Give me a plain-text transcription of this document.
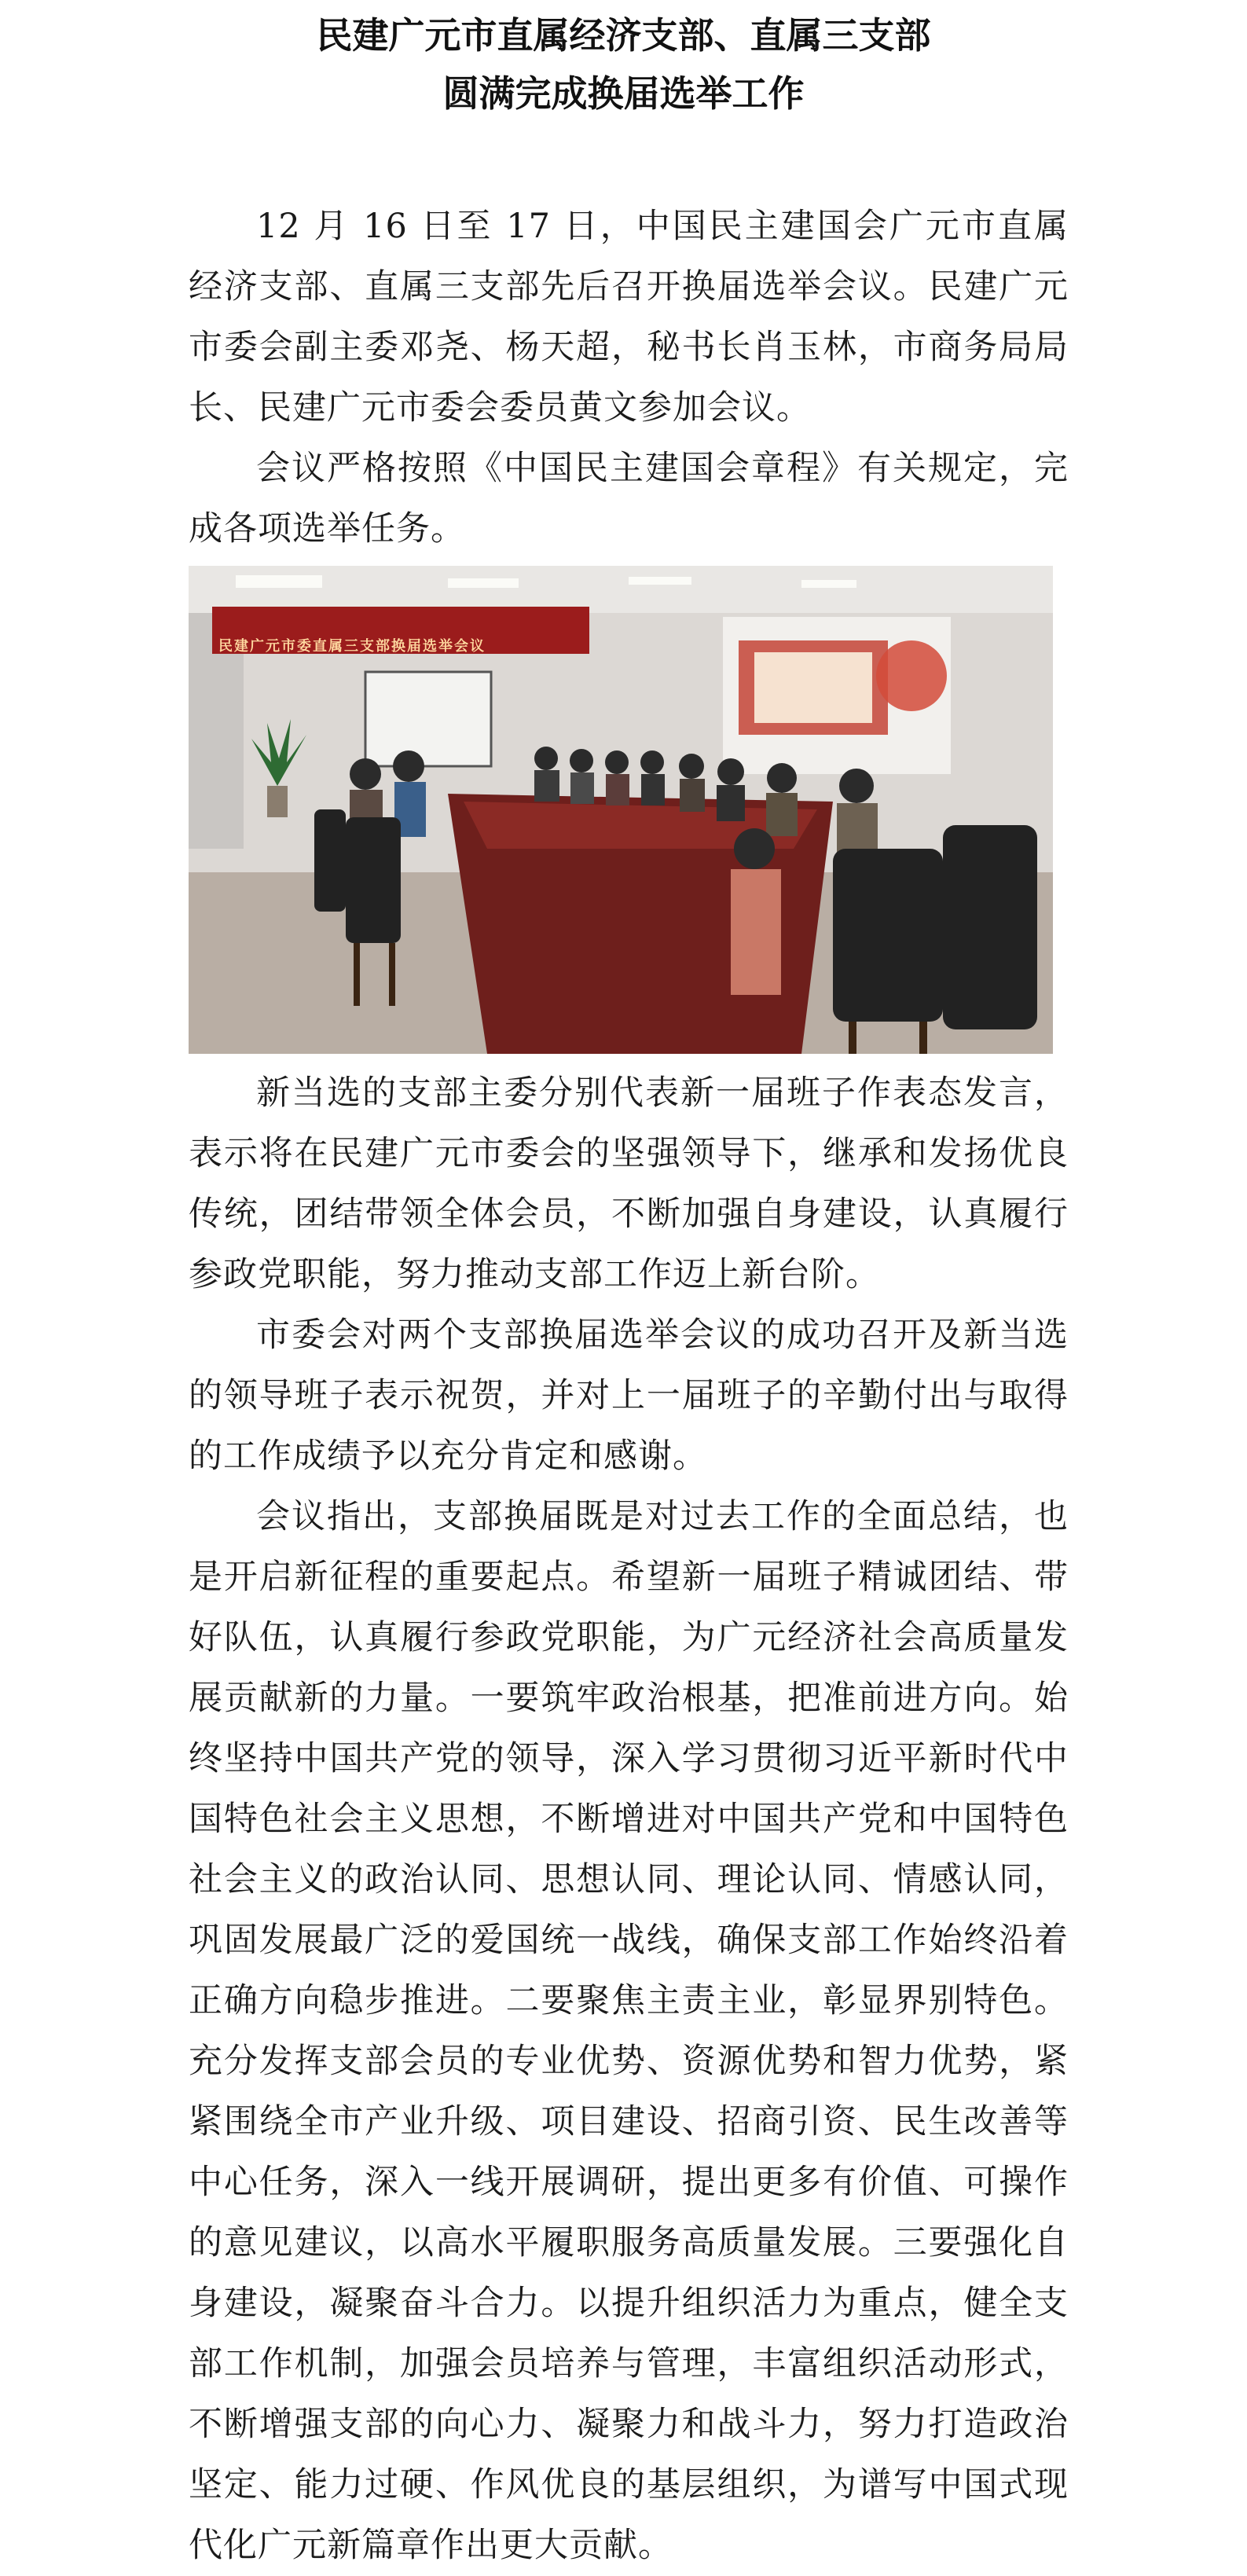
民建广元市直属经济支部、直属三支部
圆满完成换届选举工作

12 月 16 日至 17 日，中国民主建国会广元市直属经济支部、直属三支部先后召开换届选举会议。民建广元市委会副主委邓尧、杨天超，秘书长肖玉林，市商务局局长、民建广元市委会委员黄文参加会议。

会议严格按照《中国民主建国会章程》有关规定，完成各项选举任务。

民建广元市委直属三支部换届选举会议

新当选的支部主委分别代表新一届班子作表态发言，表示将在民建广元市委会的坚强领导下，继承和发扬优良传统，团结带领全体会员，不断加强自身建设，认真履行参政党职能，努力推动支部工作迈上新台阶。

市委会对两个支部换届选举会议的成功召开及新当选的领导班子表示祝贺，并对上一届班子的辛勤付出与取得的工作成绩予以充分肯定和感谢。

会议指出，支部换届既是对过去工作的全面总结，也是开启新征程的重要起点。希望新一届班子精诚团结、带好队伍，认真履行参政党职能，为广元经济社会高质量发展贡献新的力量。一要筑牢政治根基，把准前进方向。始终坚持中国共产党的领导，深入学习贯彻习近平新时代中国特色社会主义思想，不断增进对中国共产党和中国特色社会主义的政治认同、思想认同、理论认同、情感认同，巩固发展最广泛的爱国统一战线，确保支部工作始终沿着正确方向稳步推进。二要聚焦主责主业，彰显界别特色。充分发挥支部会员的专业优势、资源优势和智力优势，紧紧围绕全市产业升级、项目建设、招商引资、民生改善等中心任务，深入一线开展调研，提出更多有价值、可操作的意见建议，以高水平履职服务高质量发展。三要强化自身建设，凝聚奋斗合力。以提升组织活力为重点，健全支部工作机制，加强会员培养与管理，丰富组织活动形式，不断增强支部的向心力、凝聚力和战斗力，努力打造政治坚定、能力过硬、作风优良的基层组织，为谱写中国式现代化广元新篇章作出更大贡献。
